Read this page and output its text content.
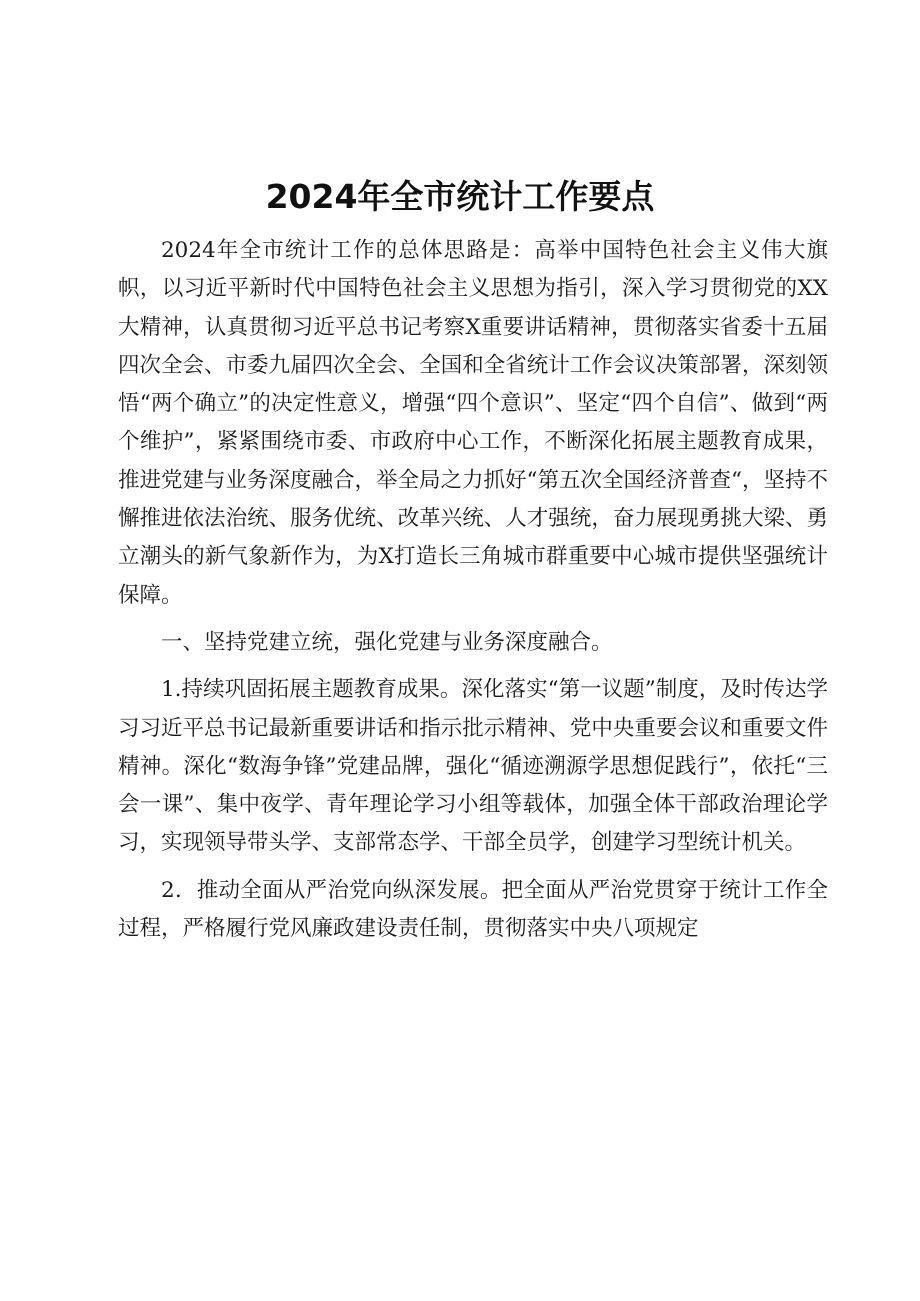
2024年全市统计工作要点

2024年全市统计工作的总体思路是：高举中国特色社会主义伟大旗帜，以习近平新时代中国特色社会主义思想为指引，深入学习贯彻党的XX大精神，认真贯彻习近平总书记考察X重要讲话精神，贯彻落实省委十五届四次全会、市委九届四次全会、全国和全省统计工作会议决策部署，深刻领悟“两个确立”的决定性意义，增强“四个意识”、坚定“四个自信”、做到“两个维护”，紧紧围绕市委、市政府中心工作，不断深化拓展主题教育成果，推进党建与业务深度融合，举全局之力抓好“第五次全国经济普查“，坚持不懈推进依法治统、服务优统、改革兴统、人才强统，奋力展现勇挑大梁、勇立潮头的新气象新作为，为X打造长三角城市群重要中心城市提供坚强统计保障。

一、坚持党建立统，强化党建与业务深度融合。

1.持续巩固拓展主题教育成果。深化落实“第一议题”制度，及时传达学习习近平总书记最新重要讲话和指示批示精神、党中央重要会议和重要文件精神。深化“数海争锋”党建品牌，强化“循迹溯源学思想促践行”，依托“三会一课”、集中夜学、青年理论学习小组等载体，加强全体干部政治理论学习，实现领导带头学、支部常态学、干部全员学，创建学习型统计机关。

2．推动全面从严治党向纵深发展。把全面从严治党贯穿于统计工作全过程，严格履行党风廉政建设责任制，贯彻落实中央八项规定
